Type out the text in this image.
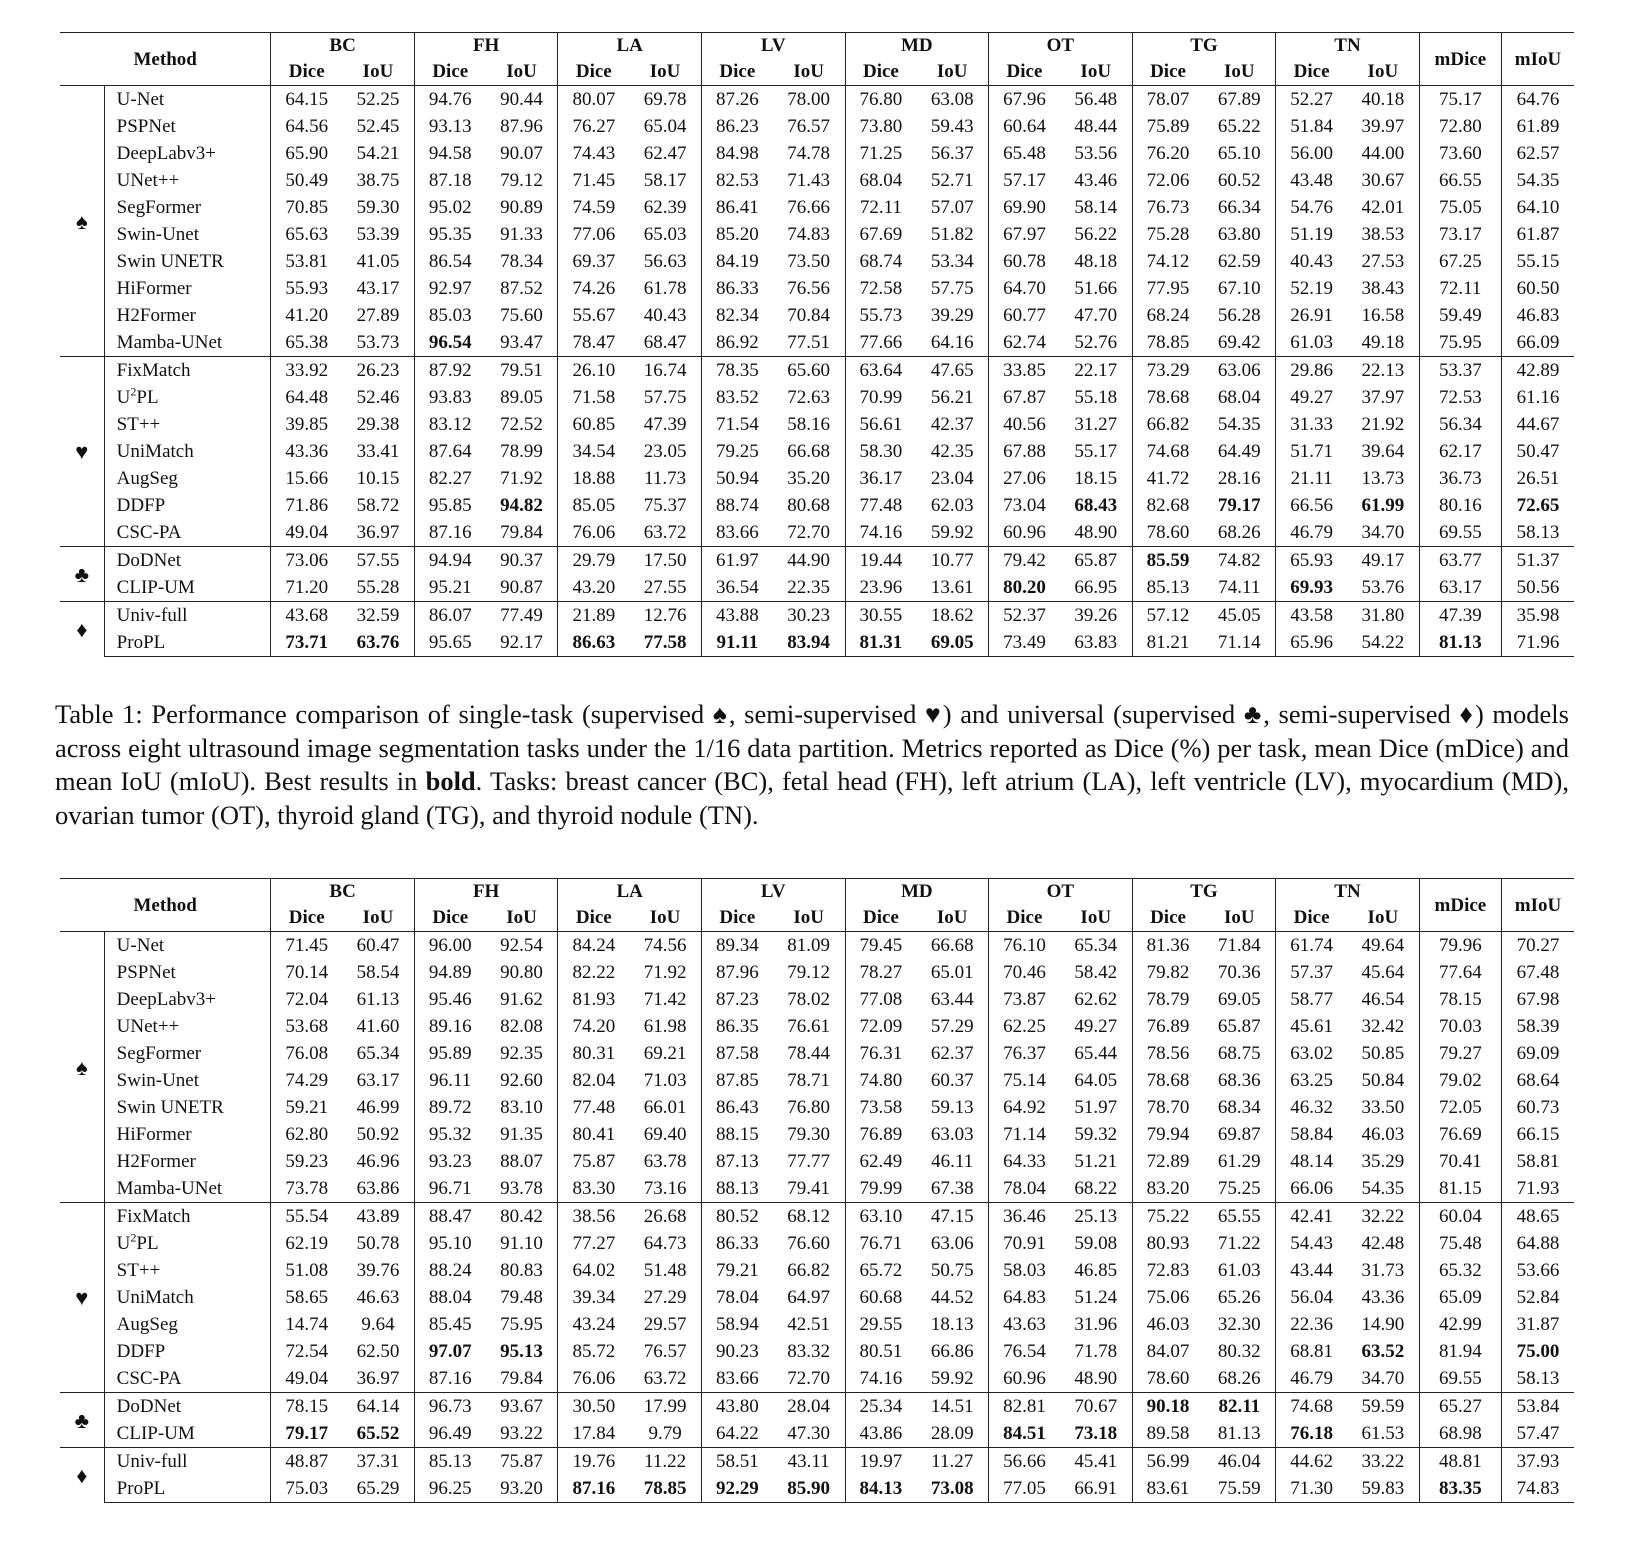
Method		BC		FH		LA		LV		MD		OT		TG		TN		mDice	mIoU
		Dice	IoU	Dice	IoU	Dice	IoU	Dice	IoU	Dice	IoU	Dice	IoU	Dice	IoU	Dice	IoU		
♠	U-Net	64.15	52.25	94.76	90.44	80.07	69.78	87.26	78.00	76.80	63.08	67.96	56.48	78.07	67.89	52.27	40.18	75.17	64.76
	PSPNet	64.56	52.45	93.13	87.96	76.27	65.04	86.23	76.57	73.80	59.43	60.64	48.44	75.89	65.22	51.84	39.97	72.80	61.89
	DeepLabv3+	65.90	54.21	94.58	90.07	74.43	62.47	84.98	74.78	71.25	56.37	65.48	53.56	76.20	65.10	56.00	44.00	73.60	62.57
	UNet++	50.49	38.75	87.18	79.12	71.45	58.17	82.53	71.43	68.04	52.71	57.17	43.46	72.06	60.52	43.48	30.67	66.55	54.35
	SegFormer	70.85	59.30	95.02	90.89	74.59	62.39	86.41	76.66	72.11	57.07	69.90	58.14	76.73	66.34	54.76	42.01	75.05	64.10
	Swin-Unet	65.63	53.39	95.35	91.33	77.06	65.03	85.20	74.83	67.69	51.82	67.97	56.22	75.28	63.80	51.19	38.53	73.17	61.87
	Swin UNETR	53.81	41.05	86.54	78.34	69.37	56.63	84.19	73.50	68.74	53.34	60.78	48.18	74.12	62.59	40.43	27.53	67.25	55.15
	HiFormer	55.93	43.17	92.97	87.52	74.26	61.78	86.33	76.56	72.58	57.75	64.70	51.66	77.95	67.10	52.19	38.43	72.11	60.50
	H2Former	41.20	27.89	85.03	75.60	55.67	40.43	82.34	70.84	55.73	39.29	60.77	47.70	68.24	56.28	26.91	16.58	59.49	46.83
	Mamba-UNet	65.38	53.73	96.54	93.47	78.47	68.47	86.92	77.51	77.66	64.16	62.74	52.76	78.85	69.42	61.03	49.18	75.95	66.09
♥	FixMatch	33.92	26.23	87.92	79.51	26.10	16.74	78.35	65.60	63.64	47.65	33.85	22.17	73.29	63.06	29.86	22.13	53.37	42.89
	$U^2PL$	64.48	52.46	93.83	89.05	71.58	57.75	83.52	72.63	70.99	56.21	67.87	55.18	78.68	68.04	49.27	37.97	72.53	61.16
	ST++	39.85	29.38	83.12	72.52	60.85	47.39	71.54	58.16	56.61	42.37	40.56	31.27	66.82	54.35	31.33	21.92	56.34	44.67
	UniMatch	43.36	33.41	87.64	78.99	34.54	23.05	79.25	66.68	58.30	42.35	67.88	55.17	74.68	64.49	51.71	39.64	62.17	50.47
	AugSeg	15.66	10.15	82.27	71.92	18.88	11.73	50.94	35.20	36.17	23.04	27.06	18.15	41.72	28.16	21.11	13.73	36.73	26.51
	DDFP	71.86	58.72	95.85	94.82	85.05	75.37	88.74	80.68	77.48	62.03	73.04	68.43	82.68	79.17	66.56	61.99	80.16	72.65
	CSC-PA	49.04	36.97	87.16	79.84	76.06	63.72	83.66	72.70	74.16	59.92	60.96	48.90	78.60	68.26	46.79	34.70	69.55	58.13
♣	DoDNet	73.06	57.55	94.94	90.37	29.79	17.50	61.97	44.90	19.44	10.77	79.42	65.87	85.59	74.82	65.93	49.17	63.77	51.37
	CLIP-UM	71.20	55.28	95.21	90.87	43.20	27.55	36.54	22.35	23.96	13.61	80.20	66.95	85.13	74.11	69.93	53.76	63.17	50.56
♦	Univ-full	43.68	32.59	86.07	77.49	21.89	12.76	43.88	30.23	30.55	18.62	52.37	39.26	57.12	45.05	43.58	31.80	47.39	35.98
	ProPL	73.71	63.76	95.65	92.17	86.63	77.58	91.11	83.94	81.31	69.05	73.49	63.83	81.21	71.14	65.96	54.22	81.13	71.96
Table 1: Performance comparison of single-task (supervised ♠, semi-supervised ♥) and universal (supervised ♣, semi-supervised ♦) models across eight ultrasound image segmentation tasks under the 1/16 data partition. Metrics reported as Dice (%) per task, mean Dice (mDice) and mean IoU (mIoU). Best results in bold. Tasks: breast cancer (BC), fetal head (FH), left atrium (LA), left ventricle (LV), myocardium (MD), ovarian tumor (OT), thyroid gland (TG), and thyroid nodule (TN).
Method		BC		FH		LA		LV		MD		OT		TG		TN		mDice	mIoU
		Dice	IoU	Dice	IoU	Dice	IoU	Dice	IoU	Dice	IoU	Dice	IoU	Dice	IoU	Dice	IoU		
♠	U-Net	71.45	60.47	96.00	92.54	84.24	74.56	89.34	81.09	79.45	66.68	76.10	65.34	81.36	71.84	61.74	49.64	79.96	70.27
	PSPNet	70.14	58.54	94.89	90.80	82.22	71.92	87.96	79.12	78.27	65.01	70.46	58.42	79.82	70.36	57.37	45.64	77.64	67.48
	DeepLabv3+	72.04	61.13	95.46	91.62	81.93	71.42	87.23	78.02	77.08	63.44	73.87	62.62	78.79	69.05	58.77	46.54	78.15	67.98
	UNet++	53.68	41.60	89.16	82.08	74.20	61.98	86.35	76.61	72.09	57.29	62.25	49.27	76.89	65.87	45.61	32.42	70.03	58.39
	SegFormer	76.08	65.34	95.89	92.35	80.31	69.21	87.58	78.44	76.31	62.37	76.37	65.44	78.56	68.75	63.02	50.85	79.27	69.09
	Swin-Unet	74.29	63.17	96.11	92.60	82.04	71.03	87.85	78.71	74.80	60.37	75.14	64.05	78.68	68.36	63.25	50.84	79.02	68.64
	Swin UNETR	59.21	46.99	89.72	83.10	77.48	66.01	86.43	76.80	73.58	59.13	64.92	51.97	78.70	68.34	46.32	33.50	72.05	60.73
	HiFormer	62.80	50.92	95.32	91.35	80.41	69.40	88.15	79.30	76.89	63.03	71.14	59.32	79.94	69.87	58.84	46.03	76.69	66.15
	H2Former	59.23	46.96	93.23	88.07	75.87	63.78	87.13	77.77	62.49	46.11	64.33	51.21	72.89	61.29	48.14	35.29	70.41	58.81
	Mamba-UNet	73.78	63.86	96.71	93.78	83.30	73.16	88.13	79.41	79.99	67.38	78.04	68.22	83.20	75.25	66.06	54.35	81.15	71.93
♥	FixMatch	55.54	43.89	88.47	80.42	38.56	26.68	80.52	68.12	63.10	47.15	36.46	25.13	75.22	65.55	42.41	32.22	60.04	48.65
	$U^2PL$	62.19	50.78	95.10	91.10	77.27	64.73	86.33	76.60	76.71	63.06	70.91	59.08	80.93	71.22	54.43	42.48	75.48	64.88
	ST++	51.08	39.76	88.24	80.83	64.02	51.48	79.21	66.82	65.72	50.75	58.03	46.85	72.83	61.03	43.44	31.73	65.32	53.66
	UniMatch	58.65	46.63	88.04	79.48	39.34	27.29	78.04	64.97	60.68	44.52	64.83	51.24	75.06	65.26	56.04	43.36	65.09	52.84
	AugSeg	14.74	9.64	85.45	75.95	43.24	29.57	58.94	42.51	29.55	18.13	43.63	31.96	46.03	32.30	22.36	14.90	42.99	31.87
	DDFP	72.54	62.50	97.07	95.13	85.72	76.57	90.23	83.32	80.51	66.86	76.54	71.78	84.07	80.32	68.81	63.52	81.94	75.00
	CSC-PA	49.04	36.97	87.16	79.84	76.06	63.72	83.66	72.70	74.16	59.92	60.96	48.90	78.60	68.26	46.79	34.70	69.55	58.13
♣	DoDNet	78.15	64.14	96.73	93.67	30.50	17.99	43.80	28.04	25.34	14.51	82.81	70.67	90.18	82.11	74.68	59.59	65.27	53.84
	CLIP-UM	79.17	65.52	96.49	93.22	17.84	9.79	64.22	47.30	43.86	28.09	84.51	73.18	89.58	81.13	76.18	61.53	68.98	57.47
♦	Univ-full	48.87	37.31	85.13	75.87	19.76	11.22	58.51	43.11	19.97	11.27	56.66	45.41	56.99	46.04	44.62	33.22	48.81	37.93
	ProPL	75.03	65.29	96.25	93.20	87.16	78.85	92.29	85.90	84.13	73.08	77.05	66.91	83.61	75.59	71.30	59.83	83.35	74.83
